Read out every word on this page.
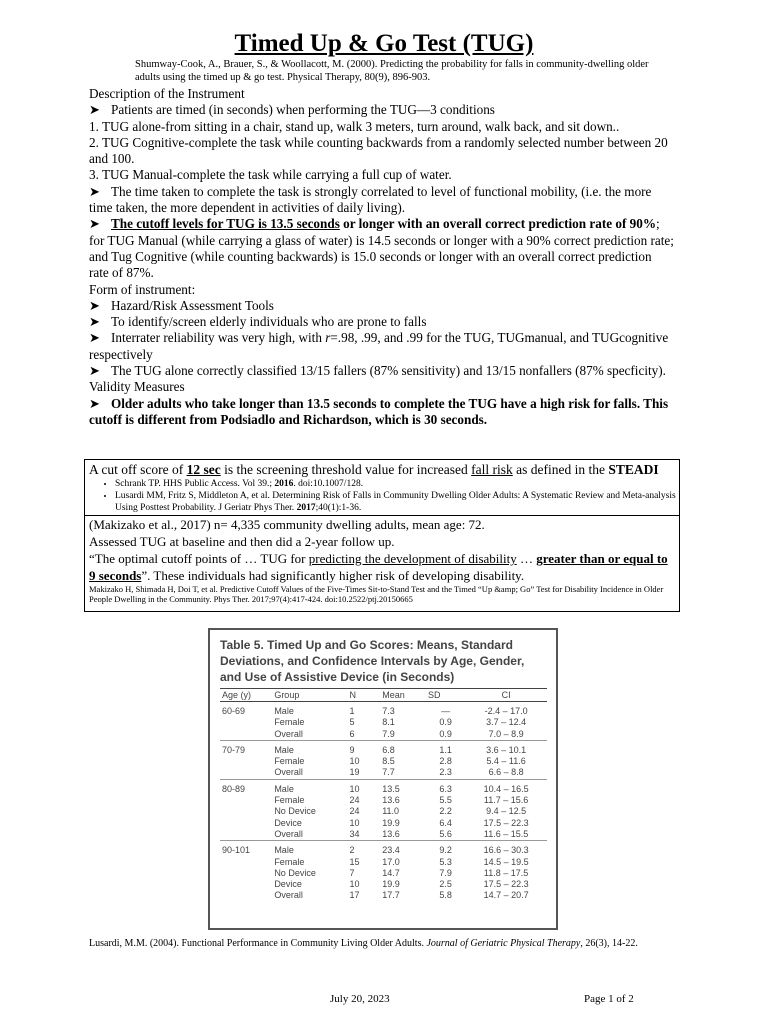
Timed Up & Go Test (TUG)
Shumway-Cook, A., Brauer, S., & Woollacott, M. (2000). Predicting the probability for falls in community-dwelling older adults using the timed up & go test. Physical Therapy, 80(9), 896-903.

Description of the Instrument

➤ Patients are timed (in seconds) when performing the TUG—3 conditions

1. TUG alone-from sitting in a chair, stand up, walk 3 meters, turn around, walk back, and sit down..

2. TUG Cognitive-complete the task while counting backwards from a randomly selected number between 20 and 100.

3. TUG Manual-complete the task while carrying a full cup of water.

➤ The time taken to complete the task is strongly correlated to level of functional mobility, (i.e. the more time taken, the more dependent in activities of daily living).

➤ The cutoff levels for TUG is 13.5 seconds or longer with an overall correct prediction rate of 90%; for TUG Manual (while carrying a glass of water) is 14.5 seconds or longer with a 90% correct prediction rate; and Tug Cognitive (while counting backwards) is 15.0 seconds or longer with an overall correct prediction rate of 87%.

Form of instrument:

➤ Hazard/Risk Assessment Tools

➤ To identify/screen elderly individuals who are prone to falls

➤ Interrater reliability was very high, with r=.98, .99, and .99 for the TUG, TUGmanual, and TUGcognitive respectively

➤ The TUG alone correctly classified 13/15 fallers (87% sensitivity) and 13/15 nonfallers (87% specficity).

Validity Measures

➤ Older adults who take longer than 13.5 seconds to complete the TUG have a high risk for falls. This cutoff is different from Podsiadlo and Richardson, which is 30 seconds.

A cut off score of 12 sec is the screening threshold value for increased fall risk as defined in the STEADI
• Schrank TP. HHS Public Access. Vol 39.; 2016. doi:10.1007/128.
• Lusardi MM, Fritz S, Middleton A, et al. Determining Risk of Falls in Community Dwelling Older Adults: A Systematic Review and Meta-analysis Using Posttest Probability. J Geriatr Phys Ther. 2017;40(1):1-36.
(Makizako et al., 2017) n= 4,335 community dwelling adults, mean age: 72.
Assessed TUG at baseline and then did a 2-year follow up.
“The optimal cutoff points of … TUG for predicting the development of disability … greater than or equal to 9 seconds”. These individuals had significantly higher risk of developing disability.
Makizako H, Shimada H, Doi T, et al. Predictive Cutoff Values of the Five-Times Sit-to-Stand Test and the Timed “Up &amp; Go” Test for Disability Incidence in Older People Dwelling in the Community. Phys Ther. 2017;97(4):417-424. doi:10.2522/ptj.20150665
Table 5. Timed Up and Go Scores: Means, Standard Deviations, and Confidence Intervals by Age, Gender, and Use of Assistive Device (in Seconds)
Age (y)	Group	N	Mean	SD	CI
60-69	Male	1	7.3	—	-2.4 – 17.0
	Female	5	8.1	0.9	3.7 – 12.4
	Overall	6	7.9	0.9	7.0 – 8.9
70-79	Male	9	6.8	1.1	3.6 – 10.1
	Female	10	8.5	2.8	5.4 – 11.6
	Overall	19	7.7	2.3	6.6 – 8.8
80-89	Male	10	13.5	6.3	10.4 – 16.5
	Female	24	13.6	5.5	11.7 – 15.6
	No Device	24	11.0	2.2	9.4 – 12.5
	Device	10	19.9	6.4	17.5 – 22.3
	Overall	34	13.6	5.6	11.6 – 15.5
90-101	Male	2	23.4	9.2	16.6 – 30.3
	Female	15	17.0	5.3	14.5 – 19.5
	No Device	7	14.7	7.9	11.8 – 17.5
	Device	10	19.9	2.5	17.5 – 22.3
	Overall	17	17.7	5.8	14.7 – 20.7
Lusardi, M.M. (2004). Functional Performance in Community Living Older Adults. Journal of Geriatric Physical Therapy, 26(3), 14-22.
July 20, 2023	Page 1 of 2
